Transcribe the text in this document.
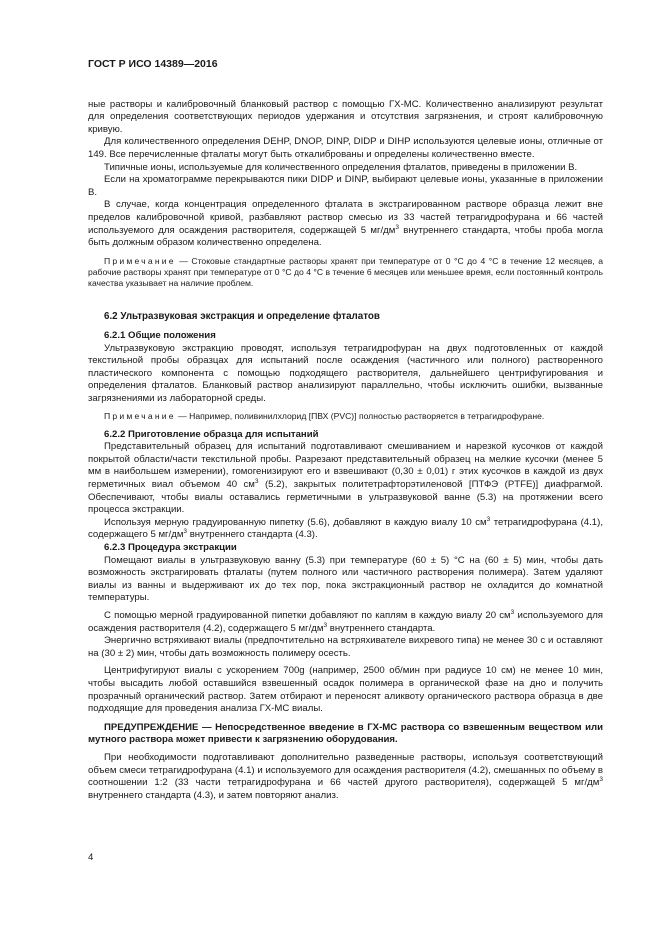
ГОСТ Р ИСО 14389—2016

ные растворы и калибровочный бланковый раствор с помощью ГХ-МС. Количественно анализируют результат для определения соответствующих периодов удержания и отсутствия загрязнения, и строят калибровочную кривую.

Для количественного определения DEHP, DNOP, DINP, DIDP и DIHP используются целевые ионы, отличные от 149. Все перечисленные фталаты могут быть откалиброваны и определены количественно вместе.

Типичные ионы, используемые для количественного определения фталатов, приведены в приложении B.

Если на хроматограмме перекрываются пики DIDP и DINP, выбирают целевые ионы, указанные в приложении B.

В случае, когда концентрация определенного фталата в экстрагированном растворе образца лежит вне пределов калибровочной кривой, разбавляют раствор смесью из 33 частей тетрагидрофурана и 66 частей используемого для осаждения растворителя, содержащей 5 $мг/дм^3$ внутреннего стандарта, чтобы проба могла быть должным образом количественно определена.

Примечание — Стоковые стандартные растворы хранят при температуре от 0 °С до 4 °С в течение 12 месяцев, а рабочие растворы хранят при температуре от 0 °С до 4 °С в течение 6 месяцев или меньшее время, если постоянный контроль качества указывает на наличие проблем.

6.2 Ультразвуковая экстракция и определение фталатов
6.2.1 Общие положения

Ультразвуковую экстракцию проводят, используя тетрагидрофуран на двух подготовленных от каждой текстильной пробы образцах для испытаний после осаждения (частичного или полного) растворенного пластического компонента с помощью подходящего растворителя, дальнейшего центрифугирования и определения фталатов. Бланковый раствор анализируют параллельно, чтобы исключить ошибки, вызванные загрязнениями из лабораторной среды.

Примечание — Например, поливинилхлорид [ПВХ (PVC)] полностью растворяется в тетрагидрофуране.

6.2.2 Приготовление образца для испытаний

Представительный образец для испытаний подготавливают смешиванием и нарезкой кусочков от каждой покрытой области/части текстильной пробы. Разрезают представительный образец на мелкие кусочки (менее 5 мм в наибольшем измерении), гомогенизируют его и взвешивают (0,30 ± 0,01) г этих кусочков в каждой из двух герметичных виал объемом 40 $см^3$ (5.2), закрытых политетрафторэтиленовой [ПТФЭ (PTFE)] диафрагмой. Обеспечивают, чтобы виалы оставались герметичными в ультразвуковой ванне (5.3) на протяжении всего процесса экстракции.

Используя мерную градуированную пипетку (5.6), добавляют в каждую виалу 10 $см^3$ тетрагидрофурана (4.1), содержащего 5 $мг/дм^3$ внутреннего стандарта (4.3).

6.2.3 Процедура экстракции

Помещают виалы в ультразвуковую ванну (5.3) при температуре (60 ± 5) °С на (60 ± 5) мин, чтобы дать возможность экстрагировать фталаты (путем полного или частичного растворения полимера). Затем удаляют виалы из ванны и выдерживают их до тех пор, пока экстракционный раствор не охладится до комнатной температуры.

С помощью мерной градуированной пипетки добавляют по каплям в каждую виалу 20 $см^3$ используемого для осаждения растворителя (4.2), содержащего 5 $мг/дм^3$ внутреннего стандарта.

Энергично встряхивают виалы (предпочтительно на встряхивателе вихревого типа) не менее 30 с и оставляют на (30 ± 2) мин, чтобы дать возможность полимеру осесть.

Центрифугируют виалы с ускорением 700g (например, 2500 об/мин при радиусе 10 см) не менее 10 мин, чтобы высадить любой оставшийся взвешенный осадок полимера в органической фазе на дно и получить прозрачный органический раствор. Затем отбирают и переносят аликвоту органического раствора образца в две подходящие для проведения анализа ГХ-МС виалы.

ПРЕДУПРЕЖДЕНИЕ — Непосредственное введение в ГХ-МС раствора со взвешенным веществом или мутного раствора может привести к загрязнению оборудования.

При необходимости подготавливают дополнительно разведенные растворы, используя соответствующий объем смеси тетрагидрофурана (4.1) и используемого для осаждения растворителя (4.2), смешанных по объему в соотношении 1:2 (33 части тетрагидрофурана и 66 частей другого растворителя), содержащей 5 $мг/дм^3$ внутреннего стандарта (4.3), и затем повторяют анализ.

4
